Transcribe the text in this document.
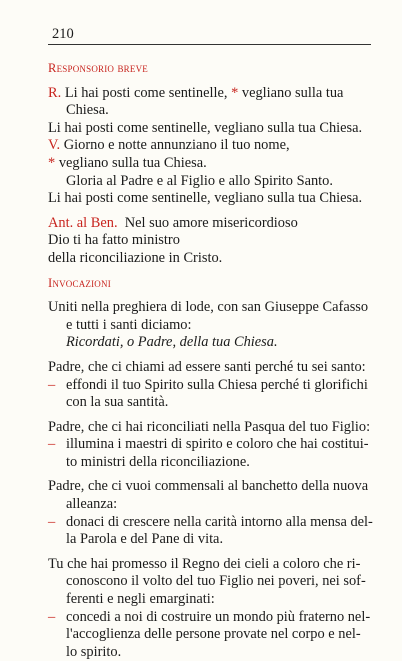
210
Responsorio breve

R. Li hai posti come sentinelle, * vegliano sulla tua Chiesa.

Li hai posti come sentinelle, vegliano sulla tua Chiesa.

V. Giorno e notte annunziano il tuo nome,

* vegliano sulla tua Chiesa.

Gloria al Padre e al Figlio e allo Spirito Santo.

Li hai posti come sentinelle, vegliano sulla tua Chiesa.

Ant. al Ben. Nel suo amore misericordioso

Dio ti ha fatto ministro

della riconciliazione in Cristo.

Invocazioni

Uniti nella preghiera di lode, con san Giuseppe Cafasso

e tutti i santi diciamo:

Ricordati, o Padre, della tua Chiesa.

Padre, che ci chiami ad essere santi perché tu sei santo:

– effondi il tuo Spirito sulla Chiesa perché ti glorifichi

con la sua santità.

Padre, che ci hai riconciliati nella Pasqua del tuo Figlio:

– illumina i maestri di spirito e coloro che hai costitui-

to ministri della riconciliazione.

Padre, che ci vuoi commensali al banchetto della nuova

alleanza:

– donaci di crescere nella carità intorno alla mensa del-

la Parola e del Pane di vita.

Tu che hai promesso il Regno dei cieli a coloro che ri-

conoscono il volto del tuo Figlio nei poveri, nei sof-

ferenti e negli emarginati:

– concedi a noi di costruire un mondo più fraterno nel-

l'accoglienza delle persone provate nel corpo e nel-

lo spirito.
